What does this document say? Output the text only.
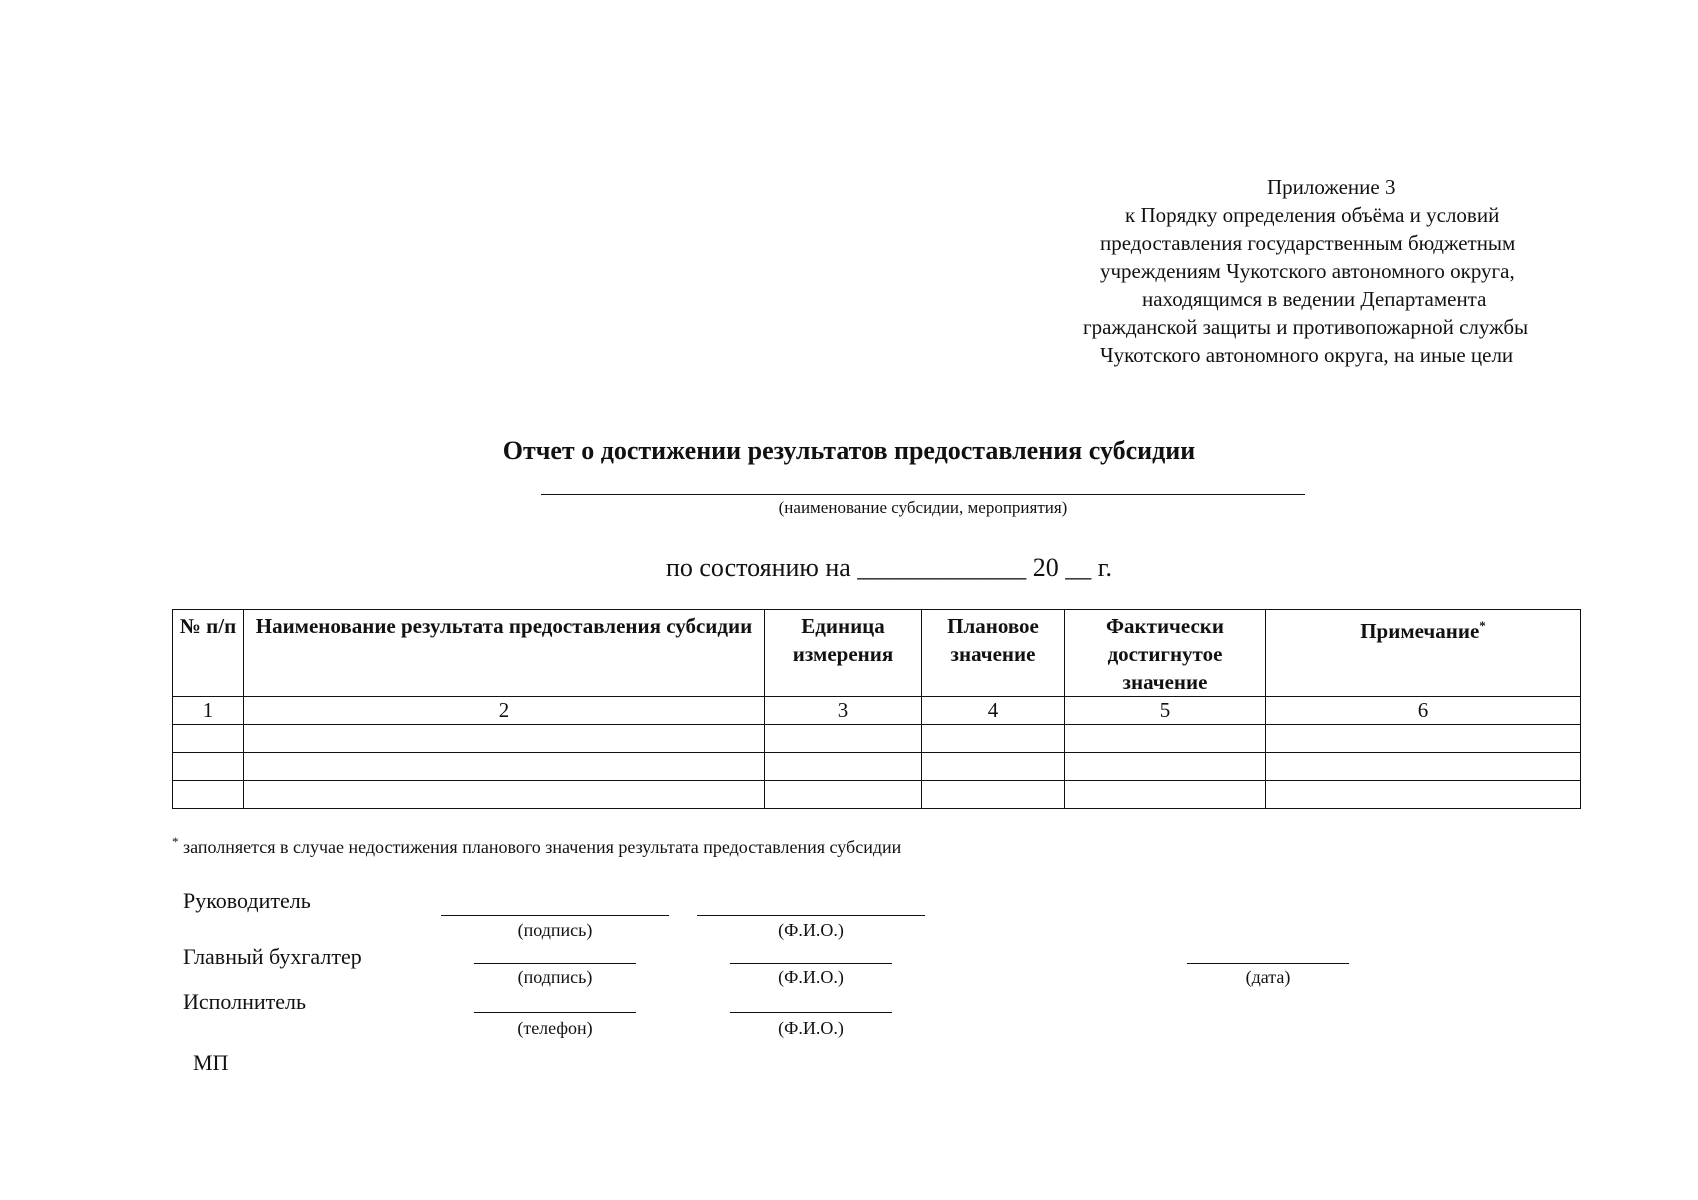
Приложение 3
к Порядку определения объёма и условий
предоставления государственным бюджетным
учреждениям Чукотского автономного округа,
находящимся в ведении Департамента
гражданской защиты и противопожарной службы
Чукотского автономного округа, на иные цели
Отчет о достижении результатов предоставления субсидии
(наименование субсидии, мероприятия)
по состоянию на _____________ 20 __ г.
№ п/п	Наименование результата предоставления субсидии	Единица измерения	Плановое значение	Фактически достигнутое значение	Примечание*
1	2	3	4	5	6

* заполняется в случае недостижения планового значения результата предоставления субсидии
Руководитель
(подпись)	(Ф.И.О.)
Главный бухгалтер
(подпись)	(Ф.И.О.)	(дата)
Исполнитель
(телефон)	(Ф.И.О.)
МП
